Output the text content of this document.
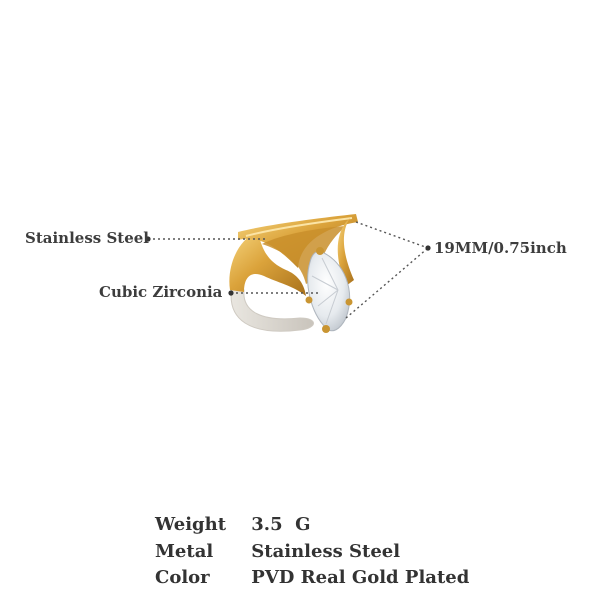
Stainless Steel
Cubic Zirconia
19MM/0.75inch
Weight 3.5  G
Metal Stainless Steel
Color PVD Real Gold Plated
